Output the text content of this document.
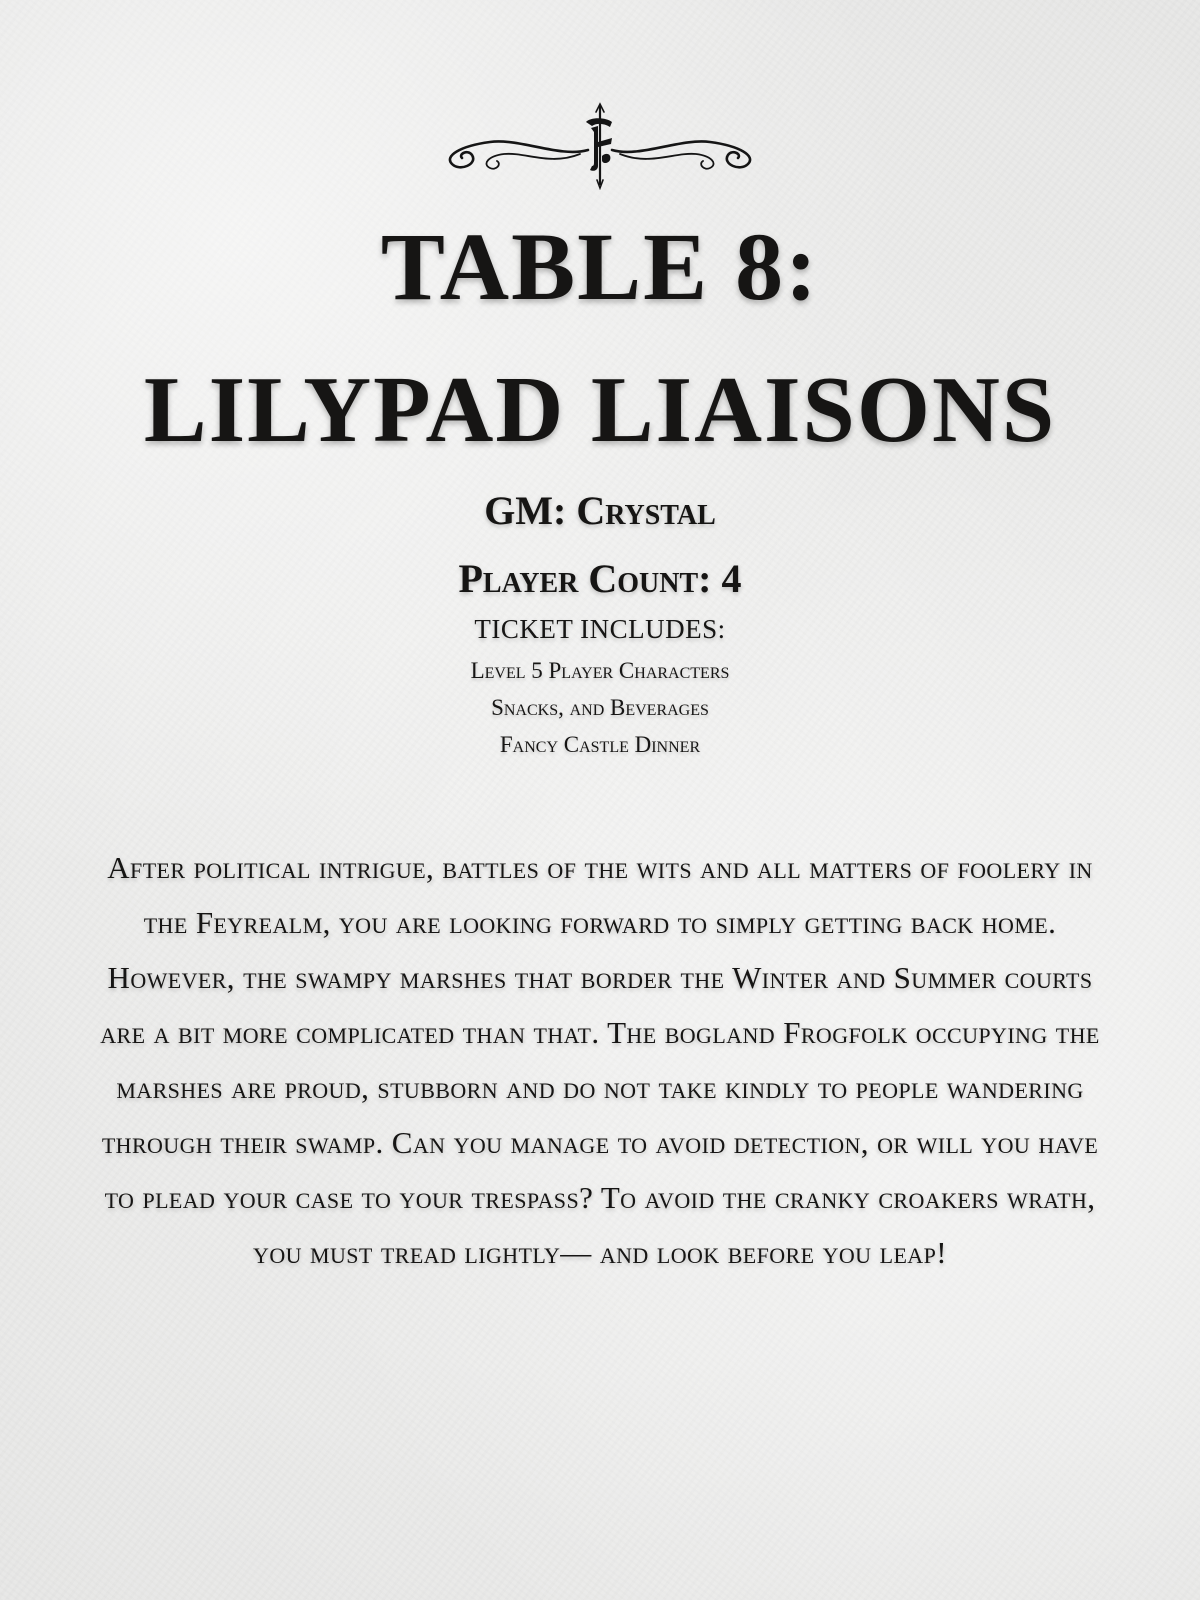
TABLE 8:
LILYPAD LIAISONS

GM: Crystal

Player Count: 4

TICKET INCLUDES:

Level 5 Player Characters
Snacks, and Beverages
Fancy Castle Dinner

After political intrigue, battles of the wits and all matters of foolery in the Feyrealm, you are looking forward to simply getting back home. However, the swampy marshes that border the Winter and Summer courts are a bit more complicated than that. The bogland Frogfolk occupying the marshes are proud, stubborn and do not take kindly to people wandering through their swamp. Can you manage to avoid detection, or will you have to plead your case to your trespass? To avoid the cranky croakers wrath, you must tread lightly— and look before you leap!
